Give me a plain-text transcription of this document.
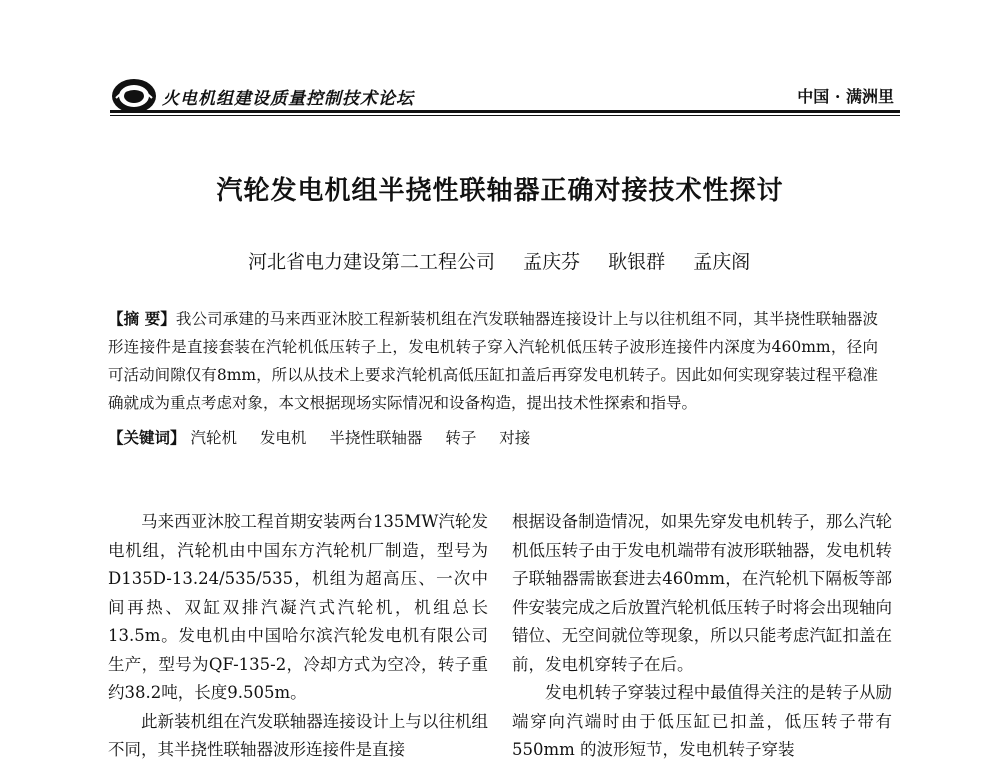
火电机组建设质量控制技术论坛	中国 · 满洲里
汽轮发电机组半挠性联轴器正确对接技术性探讨
河北省电力建设第二工程公司 孟庆芬 耿银群 孟庆阁
【摘 要】我公司承建的马来西亚沐胶工程新装机组在汽发联轴器连接设计上与以往机组不同，其半挠性联轴器波形连接件是直接套装在汽轮机低压转子上，发电机转子穿入汽轮机低压转子波形连接件内深度为460mm，径向可活动间隙仅有8mm，所以从技术上要求汽轮机高低压缸扣盖后再穿发电机转子。因此如何实现穿装过程平稳准确就成为重点考虑对象，本文根据现场实际情况和设备构造，提出技术性探索和指导。
【关键词】 汽轮机 发电机 半挠性联轴器 转子 对接

马来西亚沐胶工程首期安装两台135MW汽轮发电机组，汽轮机由中国东方汽轮机厂制造，型号为D135D-13.24/535/535，机组为超高压、一次中间再热、双缸双排汽凝汽式汽轮机，机组总长13.5m。发电机由中国哈尔滨汽轮发电机有限公司生产，型号为QF-135-2，冷却方式为空冷，转子重约38.2吨，长度9.505m。

此新装机组在汽发联轴器连接设计上与以往机组不同，其半挠性联轴器波形连接件是直接

根据设备制造情况，如果先穿发电机转子，那么汽轮机低压转子由于发电机端带有波形联轴器，发电机转子联轴器需嵌套进去460mm，在汽轮机下隔板等部件安装完成之后放置汽轮机低压转子时将会出现轴向错位、无空间就位等现象，所以只能考虑汽缸扣盖在前，发电机穿转子在后。

发电机转子穿装过程中最值得关注的是转子从励端穿向汽端时由于低压缸已扣盖，低压转子带有 550mm 的波形短节，发电机转子穿装
